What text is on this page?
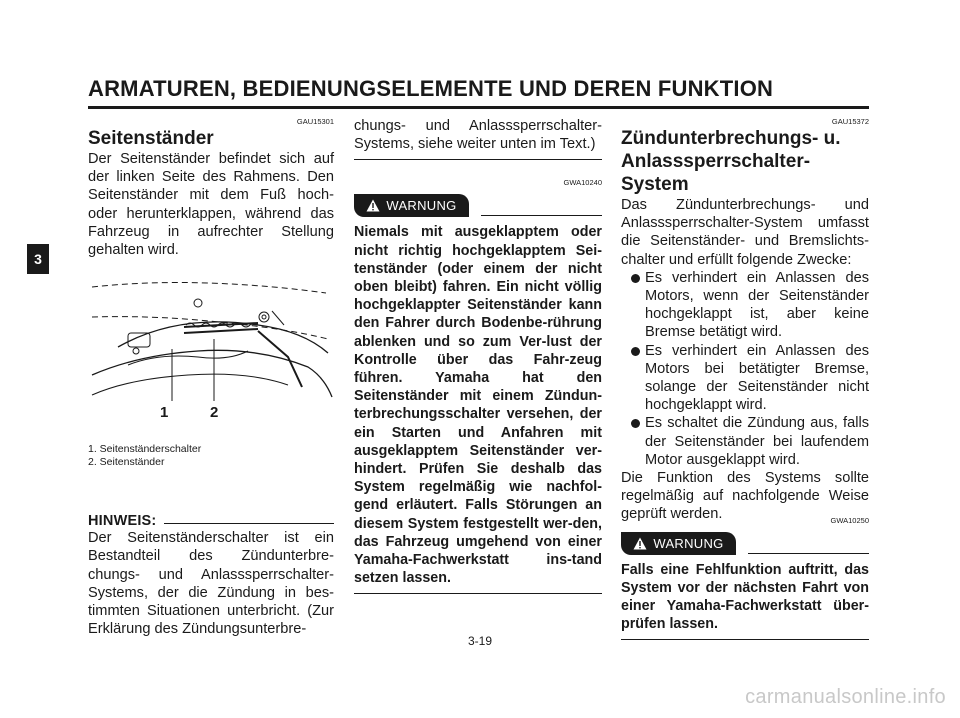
ARMATUREN, BEDIENUNGSELEMENTE UND DEREN FUNKTION
3
GAU15301
Seitenständer

Der Seitenständer befindet sich auf der linken Seite des Rahmens. Den Seitenständer mit dem Fuß hoch- oder herunterklappen, während das Fahrzeug in aufrechter Stellung gehalten wird.

1	2
1. Seitenständerschalter
2. Seitenständer
HINWEIS:

Der Seitenständerschalter ist ein Bestandteil des Zündunterbre-chungs- und Anlasssperrschalter-Systems, der die Zündung in bes-timmten Situationen unterbricht. (Zur Erklärung des Zündungsunterbre-

chungs- und Anlasssperrschalter-Systems, siehe weiter unten im Text.)

GWA10240
WARNUNG

Niemals mit ausgeklapptem oder nicht richtig hochgeklapptem Sei-tenständer (oder einem der nicht oben bleibt) fahren. Ein nicht völlig hochgeklappter Seitenständer kann den Fahrer durch Bodenbe-rührung ablenken und so zum Ver-lust der Kontrolle über das Fahr-zeug führen. Yamaha hat den Seitenständer mit einem Zündun-terbrechungsschalter versehen, der ein Starten und Anfahren mit ausgeklapptem Seitenständer ver-hindert. Prüfen Sie deshalb das System regelmäßig wie nachfol-gend erläutert. Falls Störungen an diesem System festgestellt wer-den, das Fahrzeug umgehend von einer Yamaha-Fachwerkstatt ins-tand setzen lassen.

GAU15372
Zündunterbrechungs- u. Anlasssperrschalter-System

Das Zündunterbrechungs- und Anlasssperrschalter-System umfasst die Seitenständer- und Bremslichts-chalter und erfüllt folgende Zwecke:

Es verhindert ein Anlassen des Motors, wenn der Seitenständer hochgeklappt ist, aber keine Bremse betätigt wird.
Es verhindert ein Anlassen des Motors bei betätigter Bremse, solange der Seitenständer nicht hochgeklappt wird.
Es schaltet die Zündung aus, falls der Seitenständer bei laufendem Motor ausgeklappt wird.

Die Funktion des Systems sollte regelmäßig auf nachfolgende Weise geprüft werden.	GWA10250
WARNUNG

Falls eine Fehlfunktion auftritt, das System vor der nächsten Fahrt von einer Yamaha-Fachwerkstatt über-prüfen lassen.

3-19
carmanualsonline.info
